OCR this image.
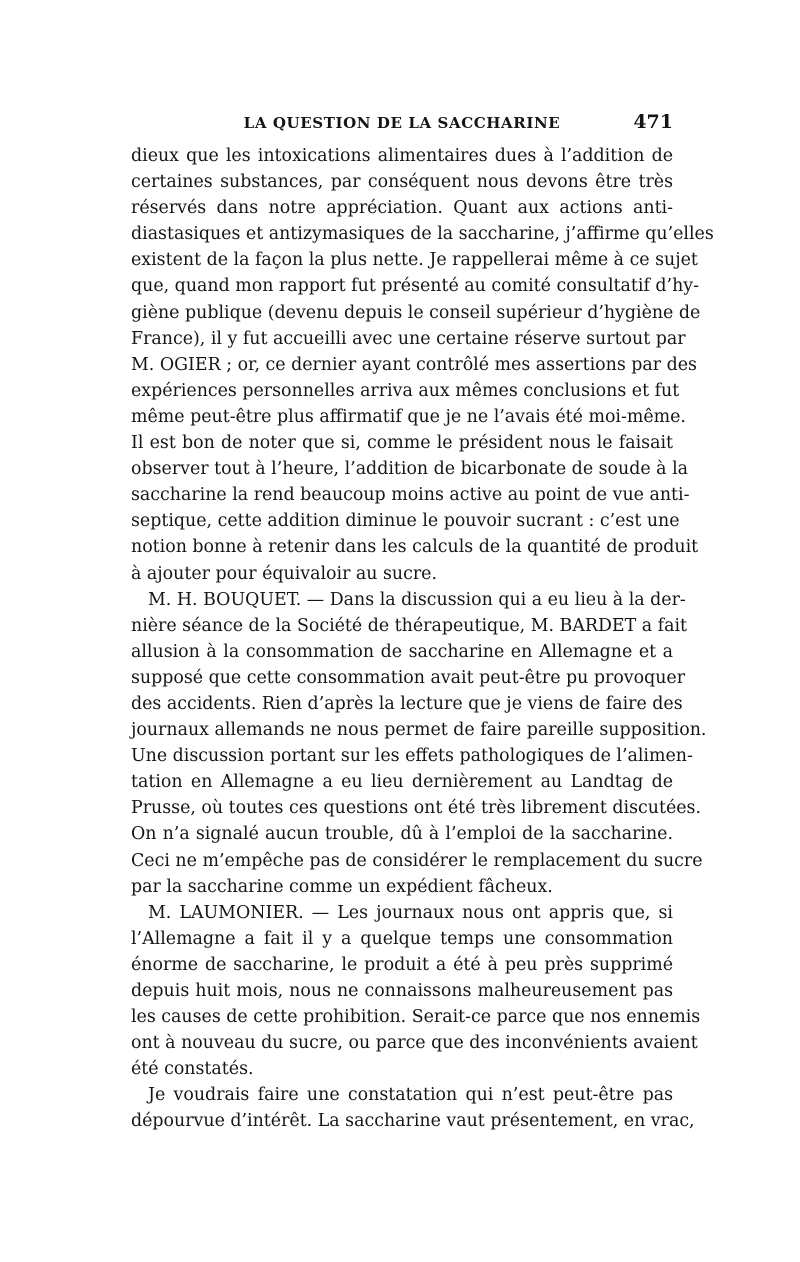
LA QUESTION DE LA SACCHARINE	471
dieux que les intoxications alimentaires dues à l’addition de
certaines substances, par conséquent nous devons être très
réservés dans notre appréciation. Quant aux actions anti-
diastasiques et antizymasiques de la saccharine, j’affirme qu’elles
existent de la façon la plus nette. Je rappellerai même à ce sujet
que, quand mon rapport fut présenté au comité consultatif d’hy-
giène publique (devenu depuis le conseil supérieur d’hygiène de
France), il y fut accueilli avec une certaine réserve surtout par
M. OGIER ; or, ce dernier ayant contrôlé mes assertions par des
expériences personnelles arriva aux mêmes conclusions et fut
même peut-être plus affirmatif que je ne l’avais été moi-même.
Il est bon de noter que si, comme le président nous le faisait
observer tout à l’heure, l’addition de bicarbonate de soude à la
saccharine la rend beaucoup moins active au point de vue anti-
septique, cette addition diminue le pouvoir sucrant : c’est une
notion bonne à retenir dans les calculs de la quantité de produit
à ajouter pour équivaloir au sucre.
M. H. BOUQUET. — Dans la discussion qui a eu lieu à la der-
nière séance de la Société de thérapeutique, M. BARDET a fait
allusion à la consommation de saccharine en Allemagne et a
supposé que cette consommation avait peut-être pu provoquer
des accidents. Rien d’après la lecture que je viens de faire des
journaux allemands ne nous permet de faire pareille supposition.
Une discussion portant sur les effets pathologiques de l’alimen-
tation en Allemagne a eu lieu dernièrement au Landtag de
Prusse, où toutes ces questions ont été très librement discutées.
On n’a signalé aucun trouble, dû à l’emploi de la saccharine.
Ceci ne m’empêche pas de considérer le remplacement du sucre
par la saccharine comme un expédient fâcheux.
M. LAUMONIER. — Les journaux nous ont appris que, si
l’Allemagne a fait il y a quelque temps une consommation
énorme de saccharine, le produit a été à peu près supprimé
depuis huit mois, nous ne connaissons malheureusement pas
les causes de cette prohibition. Serait-ce parce que nos ennemis
ont à nouveau du sucre, ou parce que des inconvénients avaient
été constatés.
Je voudrais faire une constatation qui n’est peut-être pas
dépourvue d’intérêt. La saccharine vaut présentement, en vrac,
